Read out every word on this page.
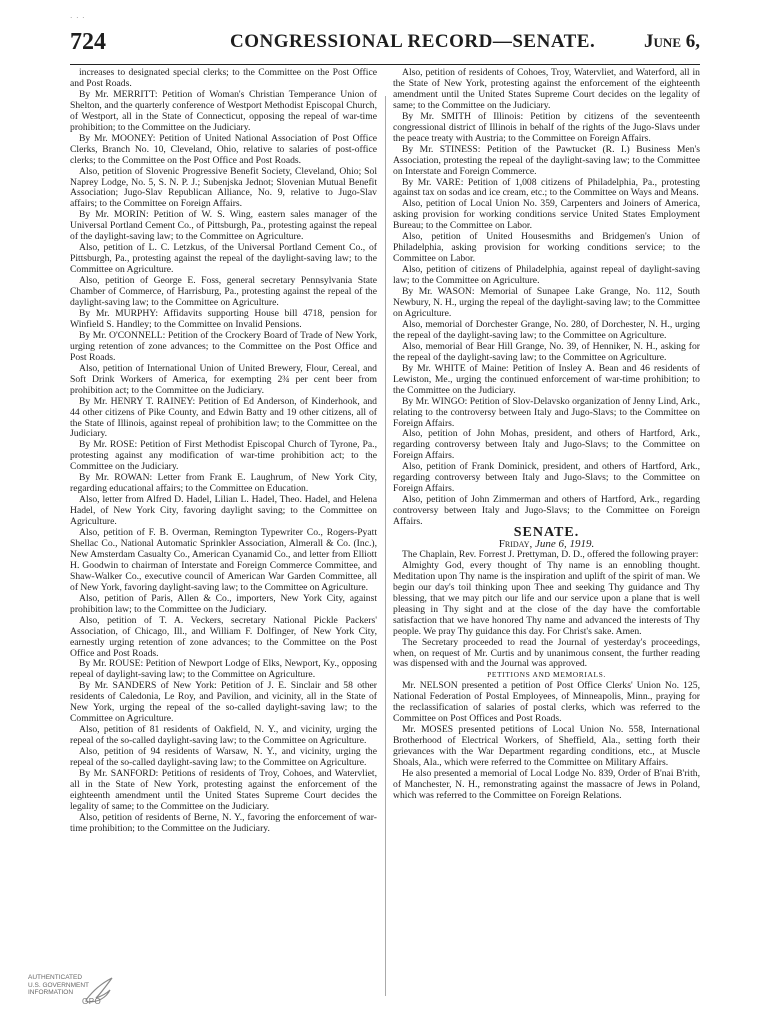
· · ·
724	CONGRESSIONAL RECORD—SENATE.	June 6,

increases to designated special clerks; to the Committee on the Post Office and Post Roads.

By Mr. MERRITT: Petition of Woman's Christian Temperance Union of Shelton, and the quarterly conference of Westport Methodist Episcopal Church, of Westport, all in the State of Connecticut, opposing the repeal of war-time prohibition; to the Committee on the Judiciary.

By Mr. MOONEY: Petition of United National Association of Post Office Clerks, Branch No. 10, Cleveland, Ohio, relative to salaries of post-office clerks; to the Committee on the Post Office and Post Roads.

Also, petition of Slovenic Progressive Benefit Society, Cleveland, Ohio; Sol Naprey Lodge, No. 5, S. N. P. J.; Subenjska Jednot; Slovenian Mutual Benefit Association; Jugo-Slav Republican Alliance, No. 9, relative to Jugo-Slav affairs; to the Committee on Foreign Affairs.

By Mr. MORIN: Petition of W. S. Wing, eastern sales manager of the Universal Portland Cement Co., of Pittsburgh, Pa., protesting against the repeal of the daylight-saving law; to the Committee on Agriculture.

Also, petition of L. C. Letzkus, of the Universal Portland Cement Co., of Pittsburgh, Pa., protesting against the repeal of the daylight-saving law; to the Committee on Agriculture.

Also, petition of George E. Foss, general secretary Pennsylvania State Chamber of Commerce, of Harrisburg, Pa., protesting against the repeal of the daylight-saving law; to the Committee on Agriculture.

By Mr. MURPHY: Affidavits supporting House bill 4718, pension for Winfield S. Handley; to the Committee on Invalid Pensions.

By Mr. O'CONNELL: Petition of the Crockery Board of Trade of New York, urging retention of zone advances; to the Committee on the Post Office and Post Roads.

Also, petition of International Union of United Brewery, Flour, Cereal, and Soft Drink Workers of America, for exempting 2¾ per cent beer from prohibition act; to the Committee on the Judiciary.

By Mr. HENRY T. RAINEY: Petition of Ed Anderson, of Kinderhook, and 44 other citizens of Pike County, and Edwin Batty and 19 other citizens, all of the State of Illinois, against repeal of prohibition law; to the Committee on the Judiciary.

By Mr. ROSE: Petition of First Methodist Episcopal Church of Tyrone, Pa., protesting against any modification of war-time prohibition act; to the Committee on the Judiciary.

By Mr. ROWAN: Letter from Frank E. Laughrum, of New York City, regarding educational affairs; to the Committee on Education.

Also, letter from Alfred D. Hadel, Lilian L. Hadel, Theo. Hadel, and Helena Hadel, of New York City, favoring daylight saving; to the Committee on Agriculture.

Also, petition of F. B. Overman, Remington Typewriter Co., Rogers-Pyatt Shellac Co., National Automatic Sprinkler Association, Almerall & Co. (Inc.), New Amsterdam Casualty Co., American Cyanamid Co., and letter from Elliott H. Goodwin to chairman of Interstate and Foreign Commerce Committee, and Shaw-Walker Co., executive council of American War Garden Committee, all of New York, favoring daylight-saving law; to the Committee on Agriculture.

Also, petition of Paris, Allen & Co., importers, New York City, against prohibition law; to the Committee on the Judiciary.

Also, petition of T. A. Veckers, secretary National Pickle Packers' Association, of Chicago, Ill., and William F. Dolfinger, of New York City, earnestly urging retention of zone advances; to the Committee on the Post Office and Post Roads.

By Mr. ROUSE: Petition of Newport Lodge of Elks, Newport, Ky., opposing repeal of daylight-saving law; to the Committee on Agriculture.

By Mr. SANDERS of New York: Petition of J. E. Sinclair and 58 other residents of Caledonia, Le Roy, and Pavilion, and vicinity, all in the State of New York, urging the repeal of the so-called daylight-saving law; to the Committee on Agriculture.

Also, petition of 81 residents of Oakfield, N. Y., and vicinity, urging the repeal of the so-called daylight-saving law; to the Committee on Agriculture.

Also, petition of 94 residents of Warsaw, N. Y., and vicinity, urging the repeal of the so-called daylight-saving law; to the Committee on Agriculture.

By Mr. SANFORD: Petitions of residents of Troy, Cohoes, and Watervliet, all in the State of New York, protesting against the enforcement of the eighteenth amendment until the United States Supreme Court decides the legality of same; to the Committee on the Judiciary.

Also, petition of residents of Berne, N. Y., favoring the enforcement of war-time prohibition; to the Committee on the Judiciary.

Also, petition of residents of Cohoes, Troy, Watervliet, and Waterford, all in the State of New York, protesting against the enforcement of the eighteenth amendment until the United States Supreme Court decides on the legality of same; to the Committee on the Judiciary.

By Mr. SMITH of Illinois: Petition by citizens of the seventeenth congressional district of Illinois in behalf of the rights of the Jugo-Slavs under the peace treaty with Austria; to the Committee on Foreign Affairs.

By Mr. STINESS: Petition of the Pawtucket (R. I.) Business Men's Association, protesting the repeal of the daylight-saving law; to the Committee on Interstate and Foreign Commerce.

By Mr. VARE: Petition of 1,008 citizens of Philadelphia, Pa., protesting against tax on sodas and ice cream, etc.; to the Committee on Ways and Means.

Also, petition of Local Union No. 359, Carpenters and Joiners of America, asking provision for working conditions service United States Employment Bureau; to the Committee on Labor.

Also, petition of United Housesmiths and Bridgemen's Union of Philadelphia, asking provision for working conditions service; to the Committee on Labor.

Also, petition of citizens of Philadelphia, against repeal of daylight-saving law; to the Committee on Agriculture.

By Mr. WASON: Memorial of Sunapee Lake Grange, No. 112, South Newbury, N. H., urging the repeal of the daylight-saving law; to the Committee on Agriculture.

Also, memorial of Dorchester Grange, No. 280, of Dorchester, N. H., urging the repeal of the daylight-saving law; to the Committee on Agriculture.

Also, memorial of Bear Hill Grange, No. 39, of Henniker, N. H., asking for the repeal of the daylight-saving law; to the Committee on Agriculture.

By Mr. WHITE of Maine: Petition of Insley A. Bean and 46 residents of Lewiston, Me., urging the continued enforcement of war-time prohibition; to the Committee on the Judiciary.

By Mr. WINGO: Petition of Slov-Delavsko organization of Jenny Lind, Ark., relating to the controversy between Italy and Jugo-Slavs; to the Committee on Foreign Affairs.

Also, petition of John Mohas, president, and others of Hartford, Ark., regarding controversy between Italy and Jugo-Slavs; to the Committee on Foreign Affairs.

Also, petition of Frank Dominick, president, and others of Hartford, Ark., regarding controversy between Italy and Jugo-Slavs; to the Committee on Foreign Affairs.

Also, petition of John Zimmerman and others of Hartford, Ark., regarding controversy between Italy and Jugo-Slavs; to the Committee on Foreign Affairs.

SENATE.

Friday, June 6, 1919.

The Chaplain, Rev. Forrest J. Prettyman, D. D., offered the following prayer:

Almighty God, every thought of Thy name is an ennobling thought. Meditation upon Thy name is the inspiration and uplift of the spirit of man. We begin our day's toil thinking upon Thee and seeking Thy guidance and Thy blessing, that we may pitch our life and our service upon a plane that is well pleasing in Thy sight and at the close of the day have the comfortable satisfaction that we have honored Thy name and advanced the interests of Thy people. We pray Thy guidance this day. For Christ's sake. Amen.

The Secretary proceeded to read the Journal of yesterday's proceedings, when, on request of Mr. Curtis and by unanimous consent, the further reading was dispensed with and the Journal was approved.

PETITIONS AND MEMORIALS.

Mr. NELSON presented a petition of Post Office Clerks' Union No. 125, National Federation of Postal Employees, of Minneapolis, Minn., praying for the reclassification of salaries of postal clerks, which was referred to the Committee on Post Offices and Post Roads.

Mr. MOSES presented petitions of Local Union No. 558, International Brotherhood of Electrical Workers, of Sheffield, Ala., setting forth their grievances with the War Department regarding conditions, etc., at Muscle Shoals, Ala., which were referred to the Committee on Military Affairs.

He also presented a memorial of Local Lodge No. 839, Order of B'nai B'rith, of Manchester, N. H., remonstrating against the massacre of Jews in Poland, which was referred to the Committee on Foreign Relations.

AUTHENTICATED
U.S. GOVERNMENT
INFORMATION
GPO
